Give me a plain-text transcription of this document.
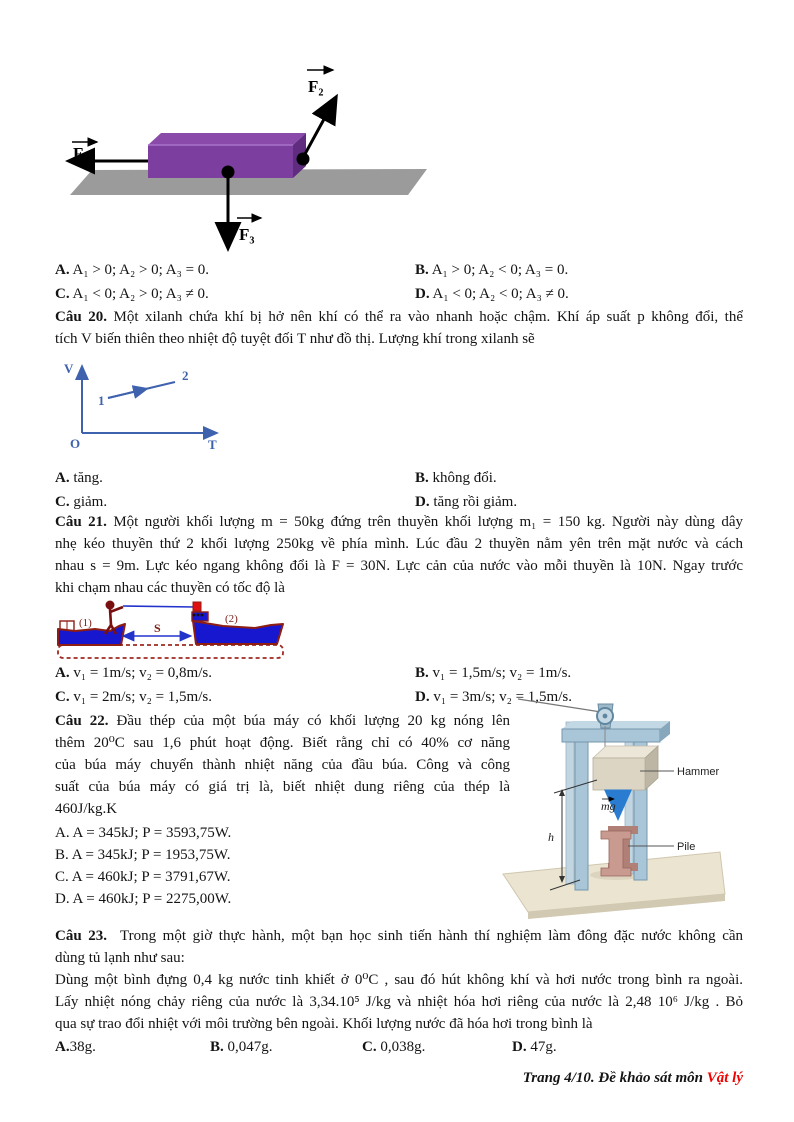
F₁
F₂
F₃
A. A₁ > 0; A₂ > 0; A₃ = 0.	B. A₁ > 0; A₂ < 0; A₃ = 0.
C. A₁ < 0; A₂ > 0; A₃ ≠ 0.	D. A₁ < 0; A₂ < 0; A₃ ≠ 0.
Câu 20. Một xilanh chứa khí bị hở nên khí có thể ra vào nhanh hoặc chậm. Khí áp suất p không đổi, thể
tích V biến thiên theo nhiệt độ tuyệt đối T như đồ thị. Lượng khí trong xilanh sẽ
V
O	T
1
2
A. tăng.	B. không đổi.
C. giảm.	D. tăng rồi giảm.
Câu 21. Một người khối lượng m = 50kg đứng trên thuyền khối lượng m₁ = 150 kg. Người này dùng dây
nhẹ kéo thuyền thứ 2 khối lượng 250kg về phía mình. Lúc đầu 2 thuyền nằm yên trên mặt nước và cách
nhau s = 9m. Lực kéo ngang không đổi là F = 30N. Lực cản của nước vào mỗi thuyền là 10N. Ngay trước
khi chạm nhau các thuyền có tốc độ là
S
(1)	(2)
A. v₁ = 1m/s; v₂ = 0,8m/s.	B. v₁ = 1,5m/s; v₂ = 1m/s.
C. v₁ = 2m/s; v₂ = 1,5m/s.	D. v₁ = 3m/s; v₂ = 1,5m/s.
Câu 22. Đầu thép của một búa máy có khối lượng 20 kg nóng lên
thêm 20⁰C sau 1,6 phút hoạt động. Biết rằng chỉ có 40% cơ năng
của búa máy chuyển thành nhiệt năng của đầu búa. Công và công
suất của búa máy có giá trị là, biết nhiệt dung riêng của thép là
460J/kg.K
A. A = 345kJ; P = 3593,75W.
B. A = 345kJ; P = 1953,75W.
C. A = 460kJ; P = 3791,67W.
D. A = 460kJ; P = 2275,00W.
h
mg
Hammer
Pile
Câu 23. Trong một giờ thực hành, một bạn học sinh tiến hành thí nghiệm làm đông đặc nước không cần
dùng tủ lạnh như sau:
Dùng một bình đựng 0,4 kg nước tinh khiết ở 0⁰C , sau đó hút không khí và hơi nước trong bình ra ngoài.
Lấy nhiệt nóng chảy riêng của nước là 3,34.10⁵ J/kg và nhiệt hóa hơi riêng của nước là 2,48 10⁶ J/kg . Bỏ
qua sự trao đổi nhiệt với môi trường bên ngoài. Khối lượng nước đã hóa hơi trong bình là
A.38g.	B. 0,047g.	C. 0,038g.	D. 47g.
Trang 4/10. Đề khảo sát môn Vật lý
